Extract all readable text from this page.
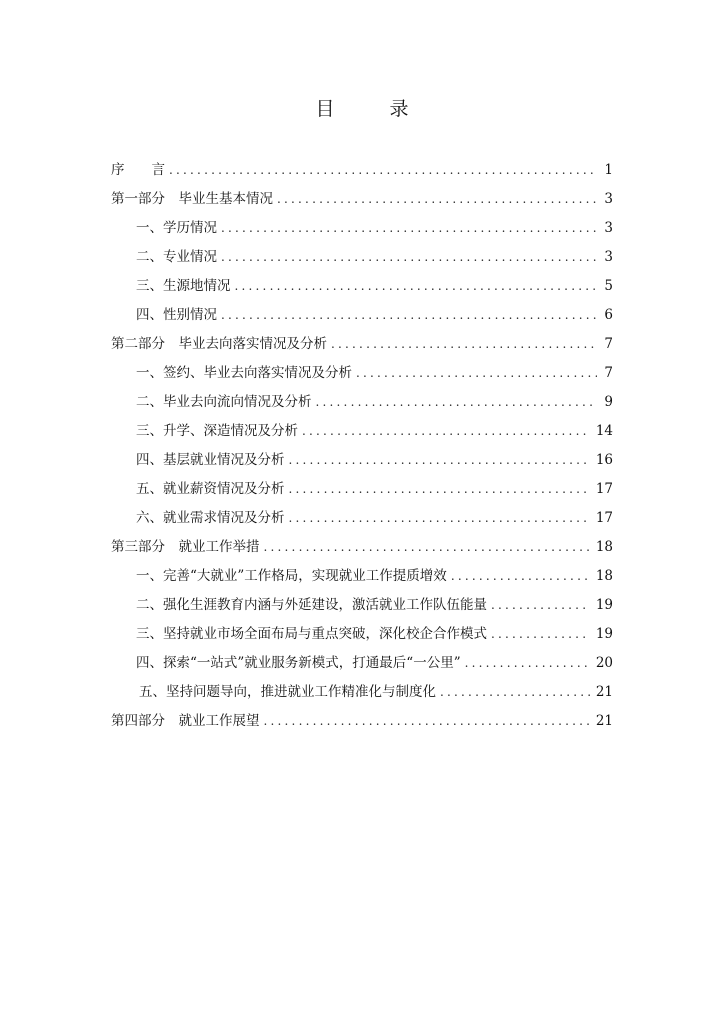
目　录
序　　言 .....	1
第一部分　毕业生基本情况 .....	3
一、学历情况 .....	3
二、专业情况 .....	3
三、生源地情况 .....	5
四、性别情况 .....	6
第二部分　毕业去向落实情况及分析 .....	7
一、签约、毕业去向落实情况及分析 .....	7
二、毕业去向流向情况及分析 .....	9
三、升学、深造情况及分析 .....	14
四、基层就业情况及分析 .....	16
五、就业薪资情况及分析 .....	17
六、就业需求情况及分析 .....	17
第三部分　就业工作举措 .....	18
一、完善“大就业”工作格局，实现就业工作提质增效 .....	18
二、强化生涯教育内涵与外延建设，激活就业工作队伍能量 .....	19
三、坚持就业市场全面布局与重点突破，深化校企合作模式 .....	19
四、探索“一站式”就业服务新模式，打通最后“一公里” .....	20
五、坚持问题导向，推进就业工作精准化与制度化 .....	21
第四部分　就业工作展望 .....	21
